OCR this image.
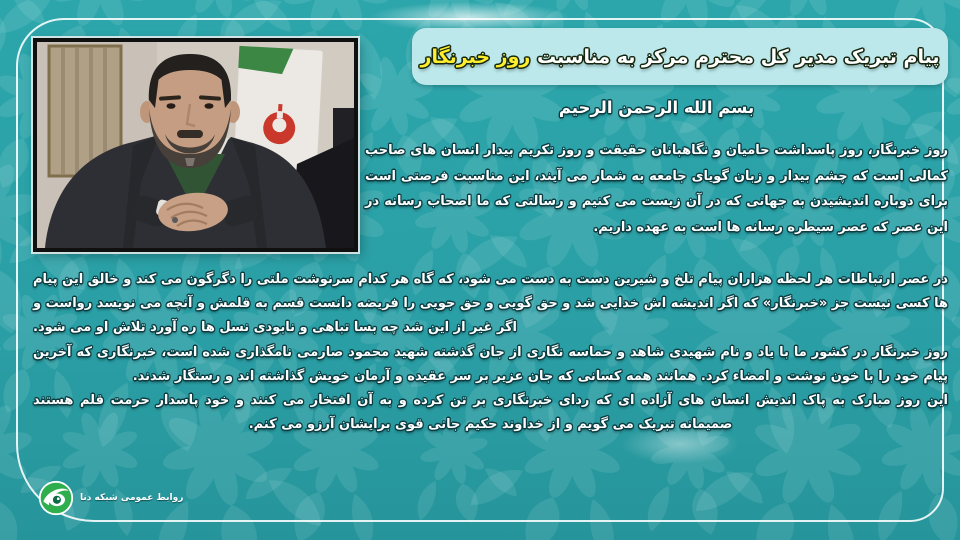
پیام تبریک مدیر کل محترم مرکز به مناسبت روز خبرنگار
بسم الله الرحمن الرحیم
روز خبرنگار، روز پاسداشت حامیان و نگاهبانان حقیقت و روز تکریم بیدار انسان های صاحب کمالی است که چشم بیدار و زبان گویای جامعه به شمار می آیند، این مناسبت فرصتی است برای دوباره اندیشیدن به جهانی که در آن زیست می کنیم و رسالتی که ما اصحاب رسانه در این عصر که عصر سیطره رسانه ها است به عهده داریم.

در عصر ارتباطات هر لحظه هزاران پیام تلخ و شیرین دست به دست می شود، که گاه هر کدام سرنوشت ملتی را دگرگون می کند و خالق این پیام ها کسی نیست جز «خبرنگار» که اگر اندیشه اش خدایی شد و حق گویی و حق جویی را فریضه دانست قسم به قلمش و آنچه می نویسد رواست و اگر غیر از این شد چه بسا تباهی و نابودی نسل ها ره آورد تلاش او می شود.

روز خبرنگار در کشور ما با یاد و نام شهیدی شاهد و حماسه نگاری از جان گذشته شهید محمود صارمی نامگذاری شده است، خبرنگاری که آخرین پیام خود را با خون نوشت و امضاء کرد. همانند همه کسانی که جان عزیر بر سر عقیده و آرمان خویش گذاشته اند و رستگار شدند.

این روز مبارک به پاک اندیش انسان های آزاده ای که ردای خبرنگاری بر تن کرده و به آن افتخار می کنند و خود پاسدار حرمت قلم هستند صمیمانه تبریک می گویم و از خداوند حکیم جانی قوی برایشان آرزو می کنم.

روابط عمومی شبکه دنا
